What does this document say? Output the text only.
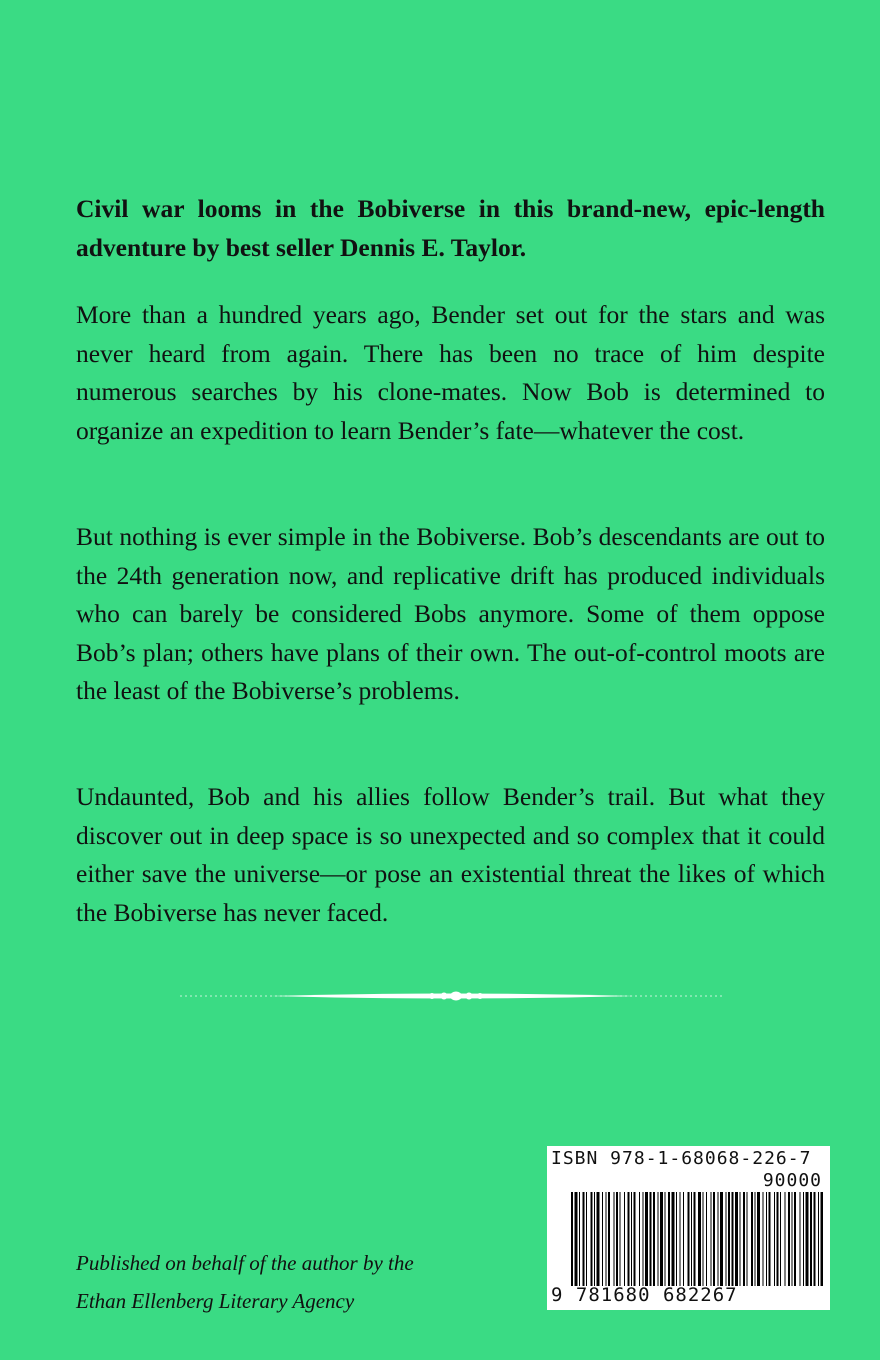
Civil war looms in the Bobiverse in this brand-new, epic-length adventure by best seller Dennis E. Taylor.

More than a hundred years ago, Bender set out for the stars and was never heard from again. There has been no trace of him despite numerous searches by his clone-mates. Now Bob is determined to organize an expedition to learn Bender’s fate—whatever the cost.

But nothing is ever simple in the Bobiverse. Bob’s descendants are out to the 24th generation now, and replicative drift has produced individuals who can barely be considered Bobs anymore. Some of them oppose Bob’s plan; others have plans of their own. The out-of-control moots are the least of the Bobiverse’s problems.

Undaunted, Bob and his allies follow Bender’s trail. But what they discover out in deep space is so unexpected and so complex that it could either save the universe—or pose an existential threat the likes of which the Bobiverse has never faced.

Published on behalf of the author by the
Ethan Ellenberg Literary Agency
ISBN 978-1-68068-226-7
90000
9 781680 682267
